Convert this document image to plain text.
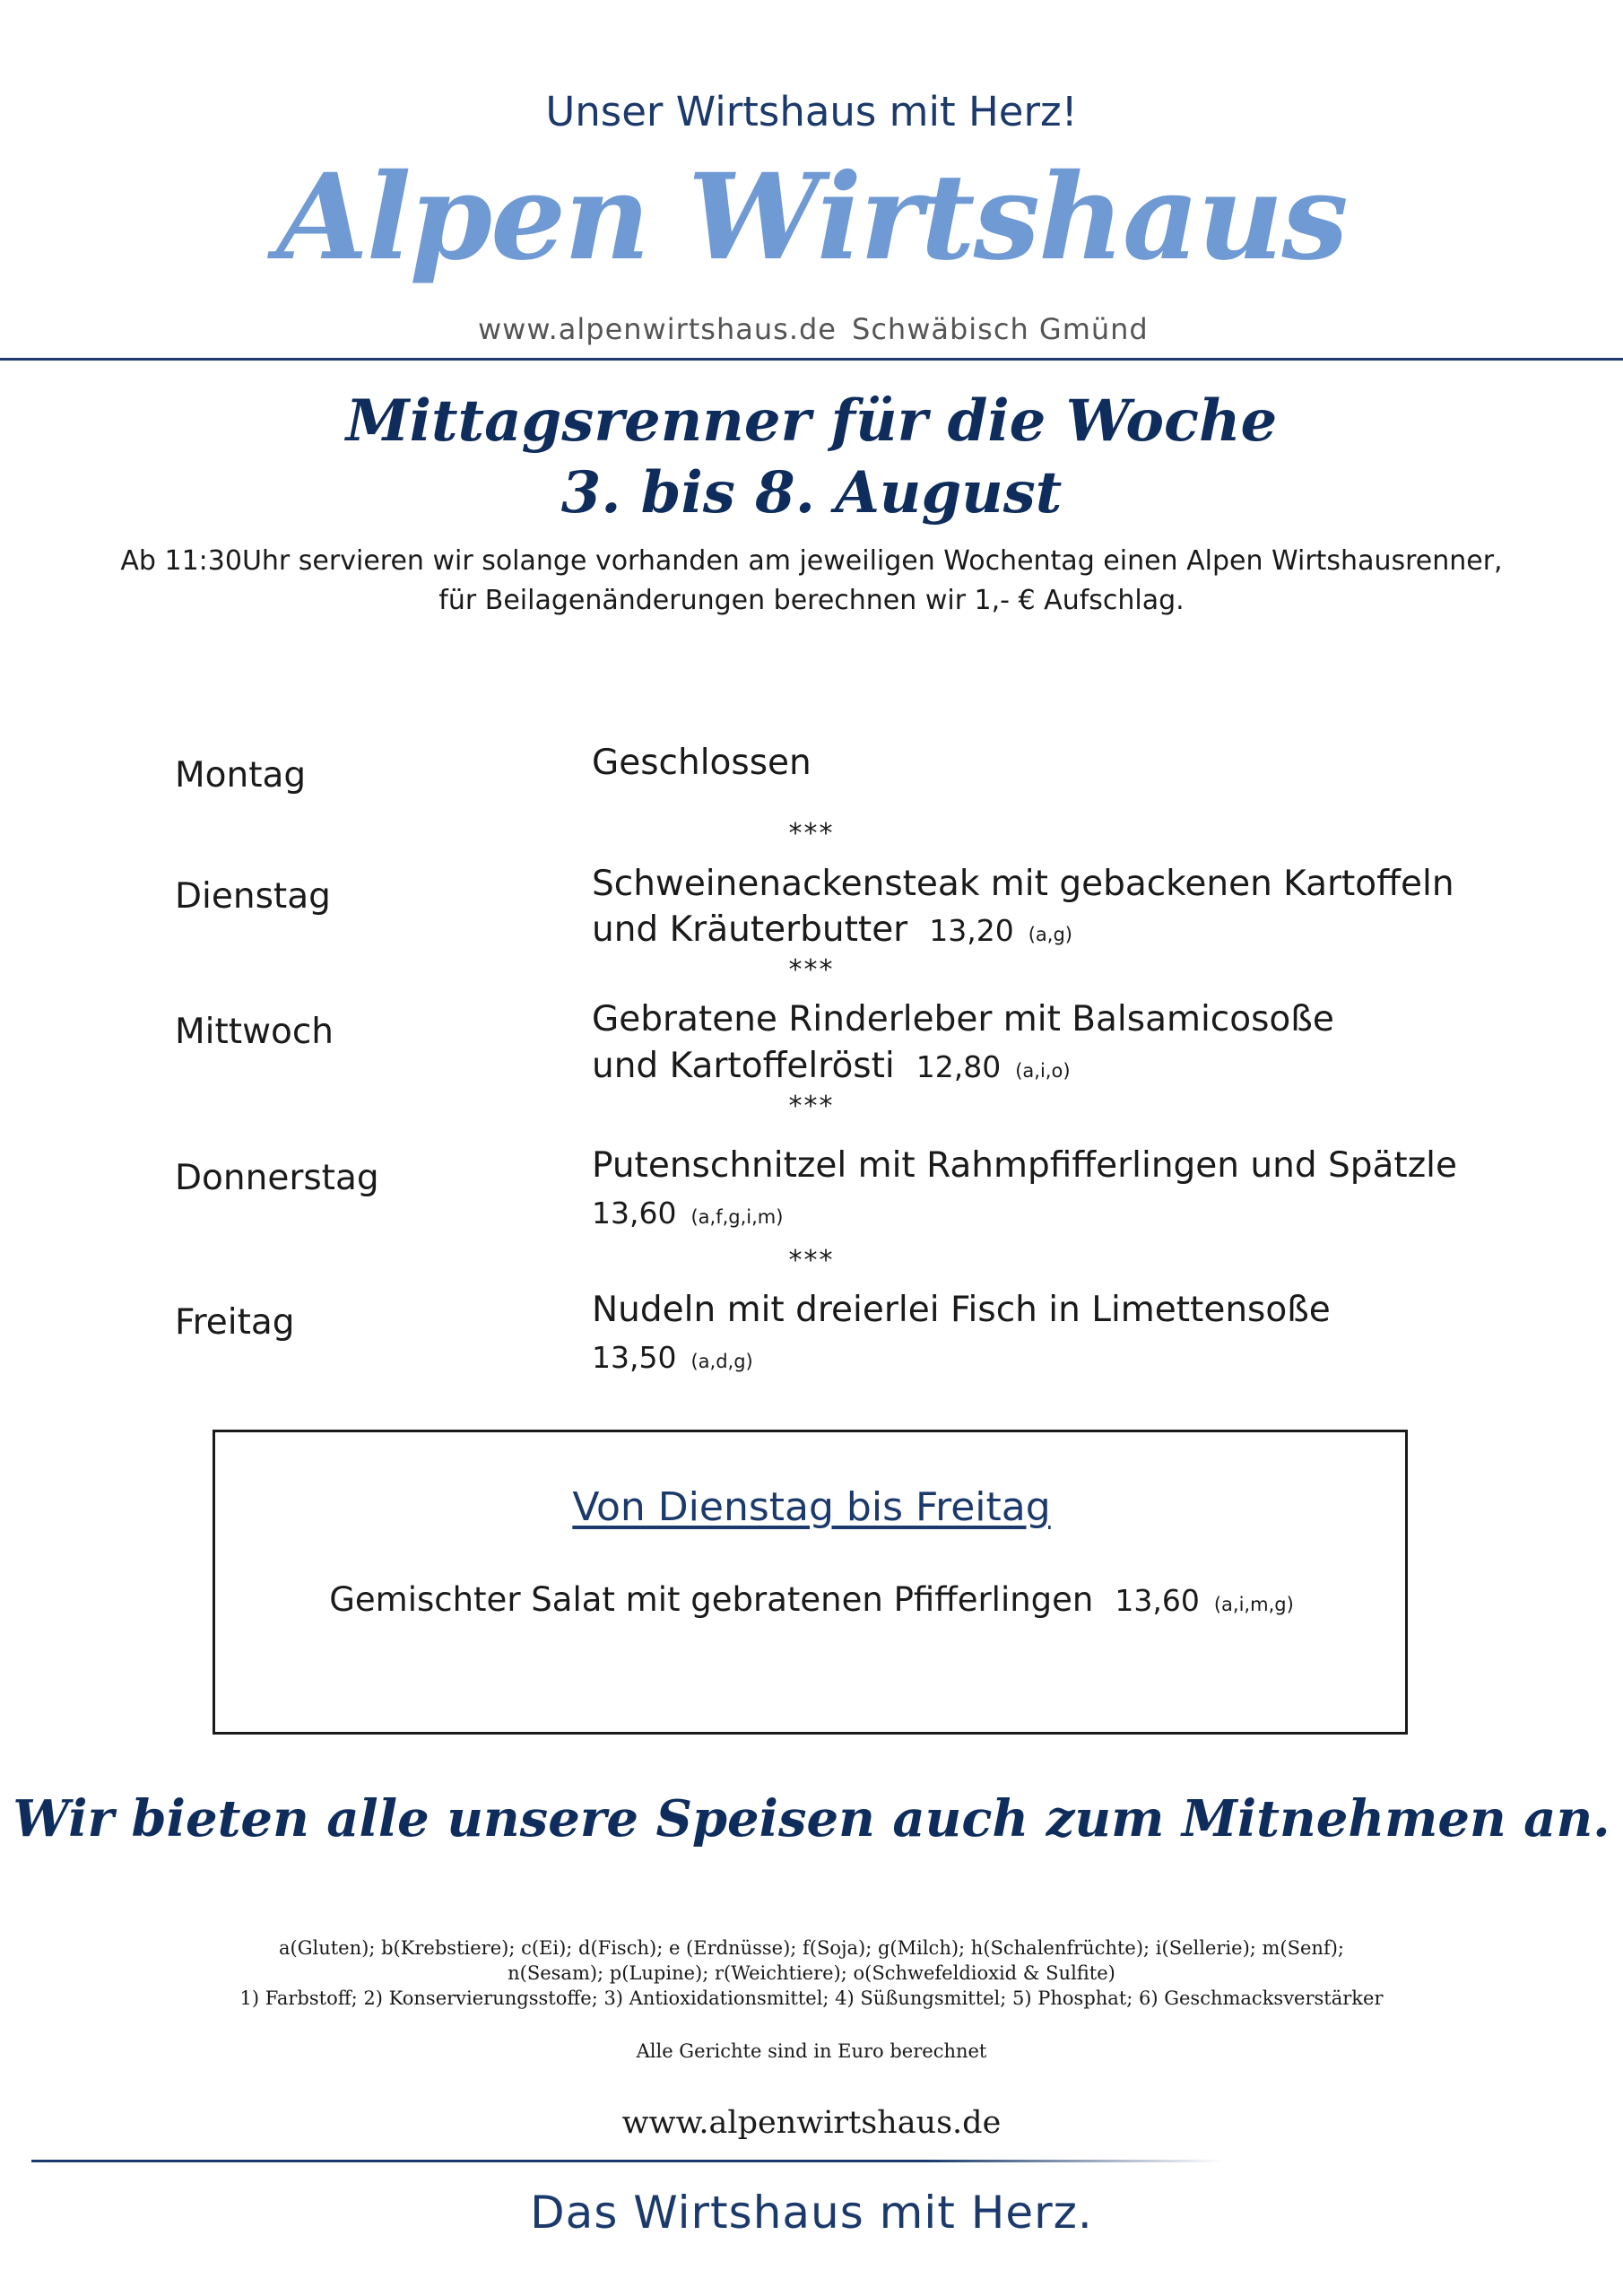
Unser Wirtshaus mit Herz!
Alpen Wirtshaus
www.alpenwirtshaus.de Schwäbisch Gmünd
Mittagsrenner für die Woche
3. bis 8. August
Ab 11:30Uhr servieren wir solange vorhanden am jeweiligen Wochentag einen Alpen Wirtshausrenner,
für Beilagenänderungen berechnen wir 1,- € Aufschlag.
Montag	Geschlossen
***
Dienstag	Schweinenackensteak mit gebackenen Kartoffeln
und Kräuterbutter 13,20 (a,g)
***
Mittwoch	Gebratene Rinderleber mit Balsamicosoße
und Kartoffelrösti 12,80 (a,i,o)
***
Donnerstag	Putenschnitzel mit Rahmpfifferlingen und Spätzle
13,60 (a,f,g,i,m)
***
Freitag	Nudeln mit dreierlei Fisch in Limettensoße
13,50 (a,d,g)
Von Dienstag bis Freitag
Gemischter Salat mit gebratenen Pfifferlingen 13,60 (a,i,m,g)
Wir bieten alle unsere Speisen auch zum Mitnehmen an.
a(Gluten); b(Krebstiere); c(Ei); d(Fisch); e (Erdnüsse); f(Soja); g(Milch); h(Schalenfrüchte); i(Sellerie); m(Senf);
n(Sesam); p(Lupine); r(Weichtiere); o(Schwefeldioxid & Sulfite)
1) Farbstoff; 2) Konservierungsstoffe; 3) Antioxidationsmittel; 4) Süßungsmittel; 5) Phosphat; 6) Geschmacksverstärker
Alle Gerichte sind in Euro berechnet
www.alpenwirtshaus.de
Das Wirtshaus mit Herz.
